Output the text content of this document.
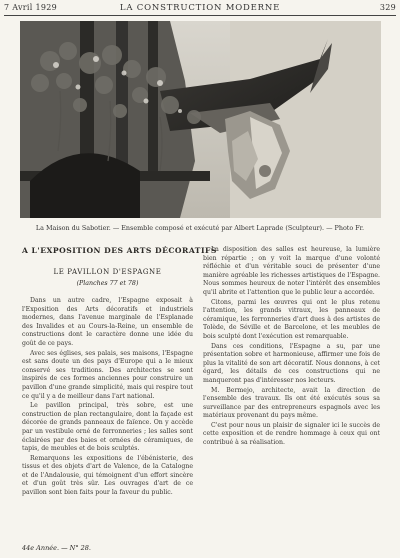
7 Avril 1929	LA CONSTRUCTION MODERNE	329
La Maison du Sabotier. — Ensemble composé et exécuté par Albert Laprade (Sculpteur). — Photo Fr.
A L'EXPOSITION DES ARTS DÉCORATIFS
LE PAVILLON D'ESPAGNE
(Planches 77 et 78)

Dans un autre cadre, l'Espagne exposait à l'Exposition des Arts décoratifs et industriels modernes, dans l'avenue marginale de l'Esplanade des Invalides et au Cours-la-Reine, un ensemble de constructions dont le caractère donne une idée du goût de ce pays.

Avec ses églises, ses palais, ses maisons, l'Espagne est sans doute un des pays d'Europe qui a le mieux conservé ses traditions. Des architectes se sont inspirés de ces formes anciennes pour construire un pavillon d'une grande simplicité, mais qui respire tout ce qu'il y a de meilleur dans l'art national.

Le pavillon principal, très sobre, est une construction de plan rectangulaire, dont la façade est décorée de grands panneaux de faïence. On y accède par un vestibule orné de ferronneries ; les salles sont éclairées par des baies et ornées de céramiques, de tapis, de meubles et de bois sculptés.

Remarquons les expositions de l'ébénisterie, des tissus et des objets d'art de Valence, de la Catalogne et de l'Andalousie, qui témoignent d'un effort sincère et d'un goût très sûr. Les ouvrages d'art de ce pavillon sont bien faits pour la faveur du public.

La disposition des salles est heureuse, la lumière bien répartie ; on y voit la marque d'une volonté réfléchie et d'un véritable souci de présenter d'une manière agréable les richesses artistiques de l'Espagne. Nous sommes heureux de noter l'intérêt des ensembles qu'il abrite et l'attention que le public leur a accordée.

Citons, parmi les œuvres qui ont le plus retenu l'attention, les grands vitraux, les panneaux de céramique, les ferronneries d'art dues à des artistes de Tolède, de Séville et de Barcelone, et les meubles de bois sculpté dont l'exécution est remarquable.

Dans ces conditions, l'Espagne a su, par une présentation sobre et harmonieuse, affirmer une fois de plus la vitalité de son art décoratif. Nous donnons, à cet égard, les détails de ces constructions qui ne manqueront pas d'intéresser nos lecteurs.

M. Bermejo, architecte, avait la direction de l'ensemble des travaux. Ils ont été exécutés sous sa surveillance par des entrepreneurs espagnols avec les matériaux provenant du pays même.

C'est pour nous un plaisir de signaler ici le succès de cette exposition et de rendre hommage à ceux qui ont contribué à sa réalisation.

44e Année. — N° 28.
